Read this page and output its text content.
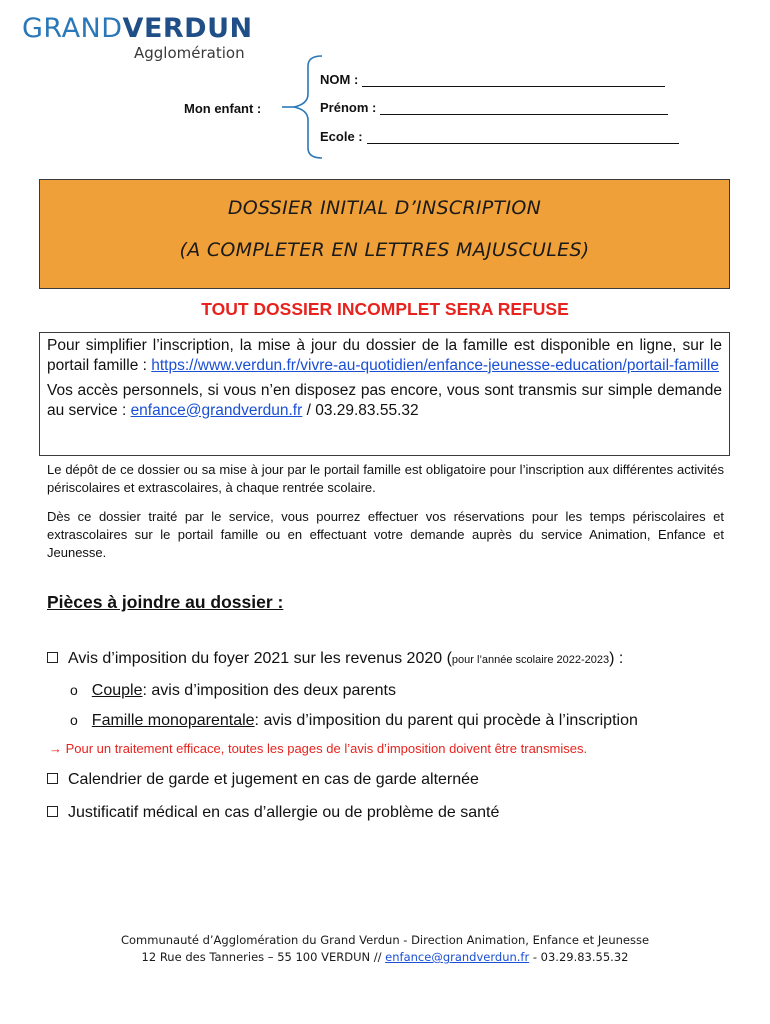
GRANDVERDUN
Agglomération
Mon enfant :
NOM :
Prénom :
Ecole :
DOSSIER INITIAL D’INSCRIPTION
(A COMPLETER EN LETTRES MAJUSCULES)
TOUT DOSSIER INCOMPLET SERA REFUSE

Pour simplifier l’inscription, la mise à jour du dossier de la famille est disponible en ligne, sur le portail famille : https://www.verdun.fr/vivre-au-quotidien/enfance-jeunesse-education/portail-famille

Vos accès personnels, si vous n’en disposez pas encore, vous sont transmis sur simple demande au service : enfance@grandverdun.fr / 03.29.83.55.32

Le dépôt de ce dossier ou sa mise à jour par le portail famille est obligatoire pour l’inscription aux différentes activités périscolaires et extrascolaires, à chaque rentrée scolaire.
Dès ce dossier traité par le service, vous pourrez effectuer vos réservations pour les temps périscolaires et extrascolaires sur le portail famille ou en effectuant votre demande auprès du service Animation, Enfance et Jeunesse.
Pièces à joindre au dossier :
Avis d’imposition du foyer 2021 sur les revenus 2020 ( pour l’année scolaire 2022-2023 ) :
o Couple : avis d’imposition des deux parents
o Famille monoparentale : avis d’imposition du parent qui procède à l’inscription
→ Pour un traitement efficace, toutes les pages de l’avis d’imposition doivent être transmises.
Calendrier de garde et jugement en cas de garde alternée
Justificatif médical en cas d’allergie ou de problème de santé
Communauté d’Agglomération du Grand Verdun - Direction Animation, Enfance et Jeunesse
12 Rue des Tanneries – 55 100 VERDUN // enfance@grandverdun.fr - 03.29.83.55.32
